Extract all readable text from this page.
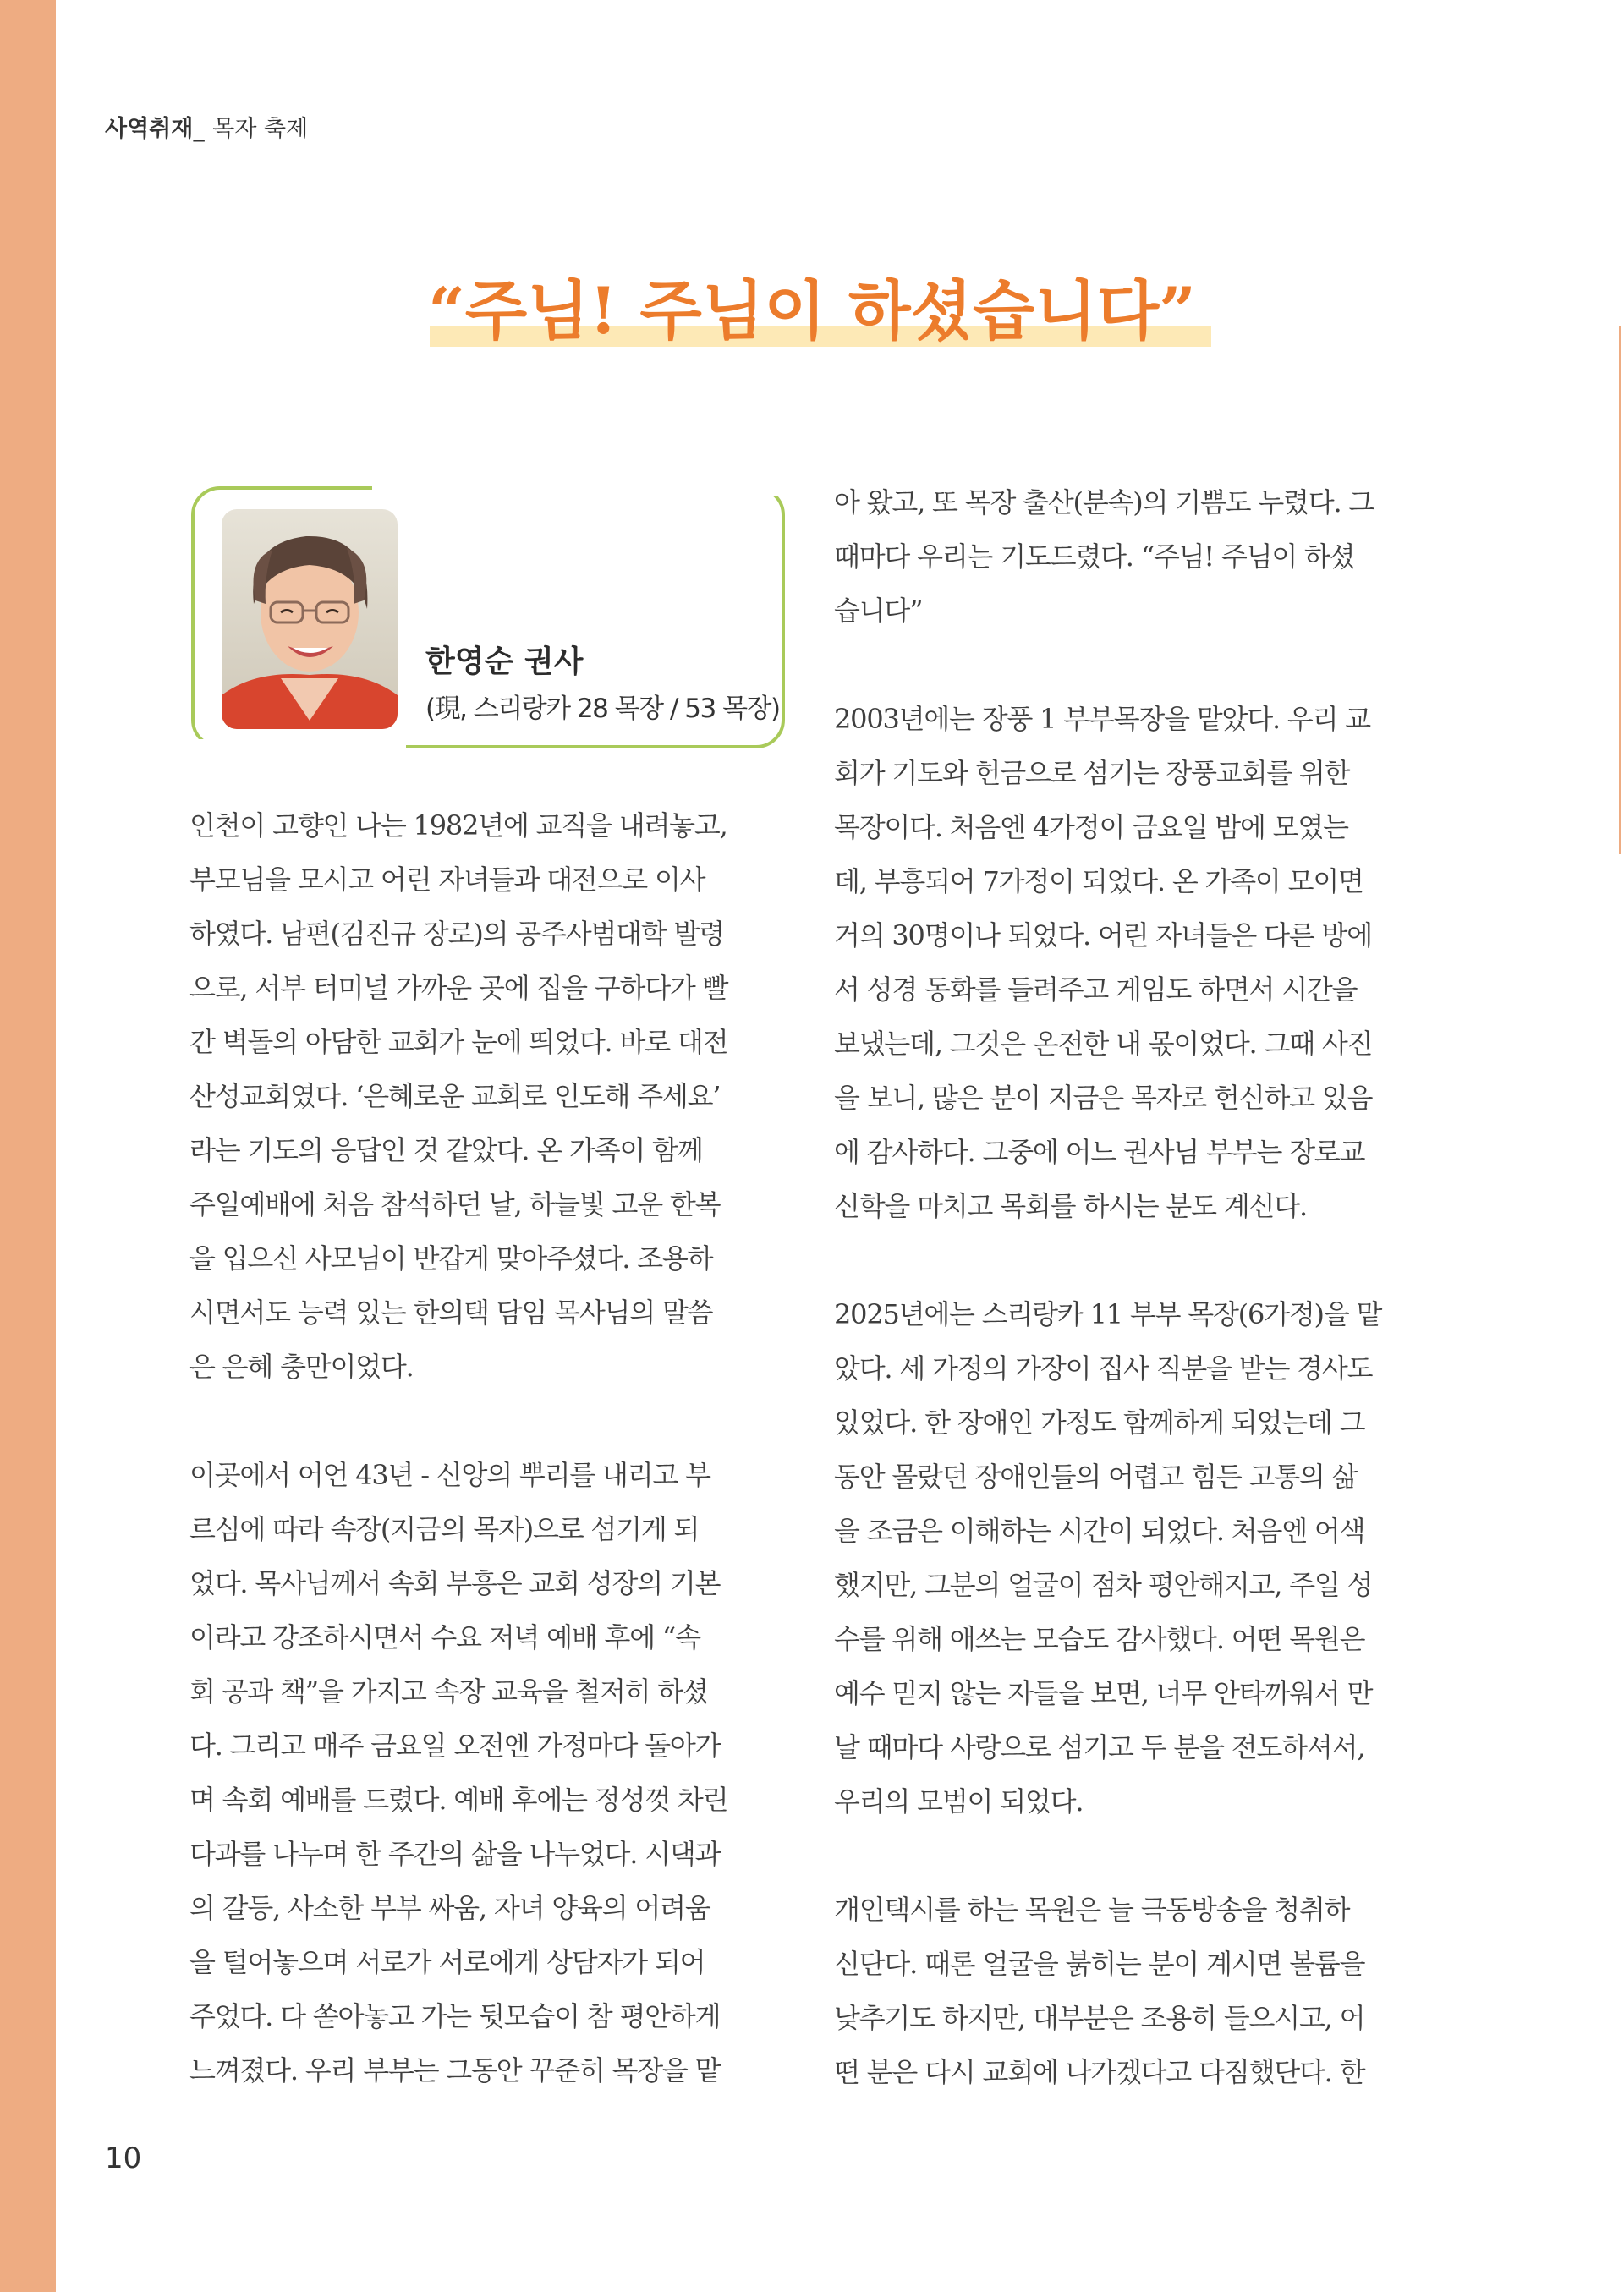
사역취재_ 목자 축제
“주님! 주님이 하셨습니다”
한영순 권사
(現, 스리랑카 28 목장 / 53 목장)
인천이 고향인 나는 1982년에 교직을 내려놓고,
부모님을 모시고 어린 자녀들과 대전으로 이사
하였다. 남편(김진규 장로)의 공주사범대학 발령
으로, 서부 터미널 가까운 곳에 집을 구하다가 빨
간 벽돌의 아담한 교회가 눈에 띄었다. 바로 대전
산성교회였다. ‘은혜로운 교회로 인도해 주세요’
라는 기도의 응답인 것 같았다. 온 가족이 함께
주일예배에 처음 참석하던 날, 하늘빛 고운 한복
을 입으신 사모님이 반갑게 맞아주셨다. 조용하
시면서도 능력 있는 한의택 담임 목사님의 말씀
은 은혜 충만이었다.
이곳에서 어언 43년 - 신앙의 뿌리를 내리고 부
르심에 따라 속장(지금의 목자)으로 섬기게 되
었다. 목사님께서 속회 부흥은 교회 성장의 기본
이라고 강조하시면서 수요 저녁 예배 후에 “속
회 공과 책”을 가지고 속장 교육을 철저히 하셨
다. 그리고 매주 금요일 오전엔 가정마다 돌아가
며 속회 예배를 드렸다. 예배 후에는 정성껏 차린
다과를 나누며 한 주간의 삶을 나누었다. 시댁과
의 갈등, 사소한 부부 싸움, 자녀 양육의 어려움
을 털어놓으며 서로가 서로에게 상담자가 되어
주었다. 다 쏟아놓고 가는 뒷모습이 참 평안하게
느껴졌다. 우리 부부는 그동안 꾸준히 목장을 맡
아 왔고, 또 목장 출산(분속)의 기쁨도 누렸다. 그
때마다 우리는 기도드렸다. “주님! 주님이 하셨
습니다”
2003년에는 장풍 1 부부목장을 맡았다. 우리 교
회가 기도와 헌금으로 섬기는 장풍교회를 위한
목장이다. 처음엔 4가정이 금요일 밤에 모였는
데, 부흥되어 7가정이 되었다. 온 가족이 모이면
거의 30명이나 되었다. 어린 자녀들은 다른 방에
서 성경 동화를 들려주고 게임도 하면서 시간을
보냈는데, 그것은 온전한 내 몫이었다. 그때 사진
을 보니, 많은 분이 지금은 목자로 헌신하고 있음
에 감사하다. 그중에 어느 권사님 부부는 장로교
신학을 마치고 목회를 하시는 분도 계신다.
2025년에는 스리랑카 11 부부 목장(6가정)을 맡
았다. 세 가정의 가장이 집사 직분을 받는 경사도
있었다. 한 장애인 가정도 함께하게 되었는데 그
동안 몰랐던 장애인들의 어렵고 힘든 고통의 삶
을 조금은 이해하는 시간이 되었다. 처음엔 어색
했지만, 그분의 얼굴이 점차 평안해지고, 주일 성
수를 위해 애쓰는 모습도 감사했다. 어떤 목원은
예수 믿지 않는 자들을 보면, 너무 안타까워서 만
날 때마다 사랑으로 섬기고 두 분을 전도하셔서,
우리의 모범이 되었다.
개인택시를 하는 목원은 늘 극동방송을 청취하
신단다. 때론 얼굴을 붉히는 분이 계시면 볼륨을
낮추기도 하지만, 대부분은 조용히 들으시고, 어
떤 분은 다시 교회에 나가겠다고 다짐했단다. 한
10
